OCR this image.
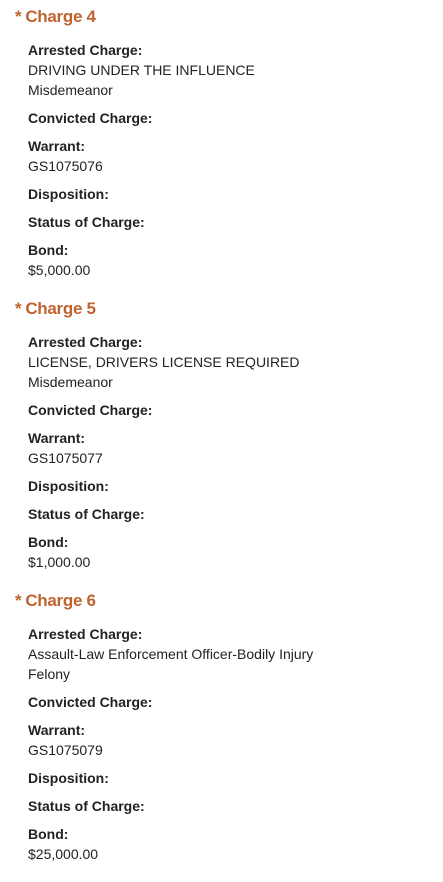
* Charge 4
Arrested Charge:
DRIVING UNDER THE INFLUENCE
Misdemeanor
Convicted Charge:
Warrant:
GS1075076
Disposition:
Status of Charge:
Bond:
$5,000.00
* Charge 5
Arrested Charge:
LICENSE, DRIVERS LICENSE REQUIRED
Misdemeanor
Convicted Charge:
Warrant:
GS1075077
Disposition:
Status of Charge:
Bond:
$1,000.00
* Charge 6
Arrested Charge:
Assault-Law Enforcement Officer-Bodily Injury
Felony
Convicted Charge:
Warrant:
GS1075079
Disposition:
Status of Charge:
Bond:
$25,000.00
